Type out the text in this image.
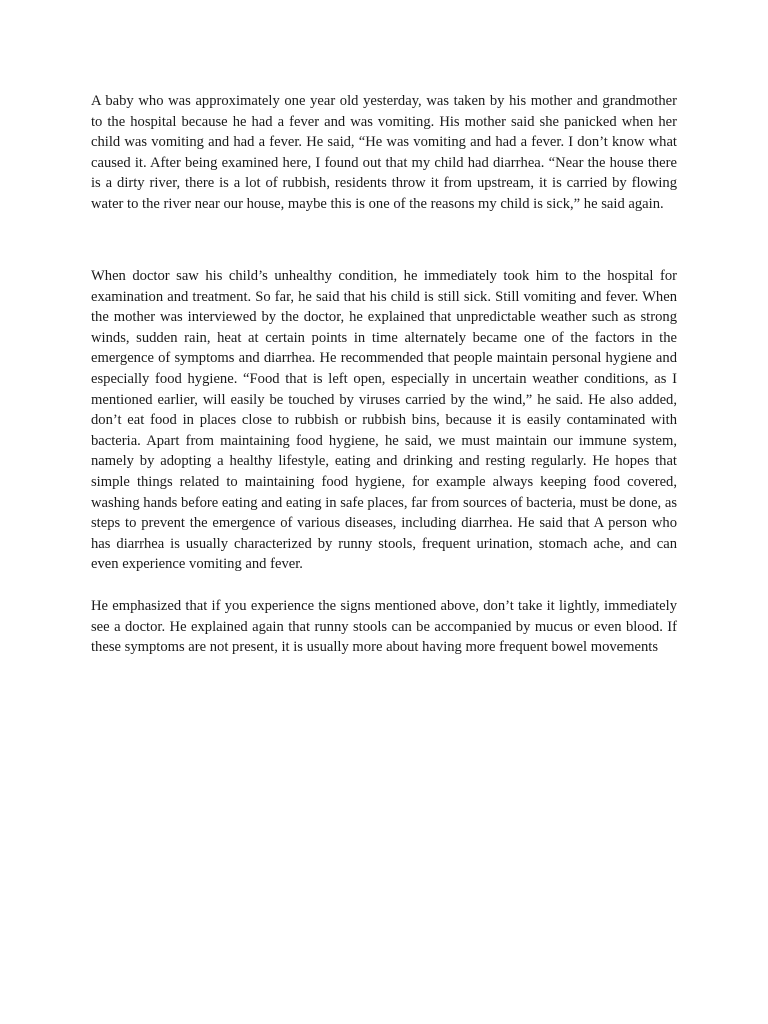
A baby who was approximately one year old yesterday, was taken by his mother and grandmother to the hospital because he had a fever and was vomiting. His mother said she panicked when her child was vomiting and had a fever. He said, “He was vomiting and had a fever. I don’t know what caused it. After being examined here, I found out that my child had diarrhea. “Near the house there is a dirty river, there is a lot of rubbish, residents throw it from upstream, it is carried by flowing water to the river near our house, maybe this is one of the reasons my child is sick,” he said again.

When doctor saw his child’s unhealthy condition, he immediately took him to the hospital for examination and treatment. So far, he said that his child is still sick. Still vomiting and fever. When the mother was interviewed by the doctor, he explained that unpredictable weather such as strong winds, sudden rain, heat at certain points in time alternately became one of the factors in the emergence of symptoms and diarrhea. He recommended that people maintain personal hygiene and especially food hygiene. “Food that is left open, especially in uncertain weather conditions, as I mentioned earlier, will easily be touched by viruses carried by the wind,” he said. He also added, don’t eat food in places close to rubbish or rubbish bins, because it is easily contaminated with bacteria. Apart from maintaining food hygiene, he said, we must maintain our immune system, namely by adopting a healthy lifestyle, eating and drinking and resting regularly. He hopes that simple things related to maintaining food hygiene, for example always keeping food covered, washing hands before eating and eating in safe places, far from sources of bacteria, must be done, as steps to prevent the emergence of various diseases, including diarrhea. He said that A person who has diarrhea is usually characterized by runny stools, frequent urination, stomach ache, and can even experience vomiting and fever.

He emphasized that if you experience the signs mentioned above, don’t take it lightly, immediately see a doctor. He explained again that runny stools can be accompanied by mucus or even blood. If these symptoms are not present, it is usually more about having more frequent bowel movements
